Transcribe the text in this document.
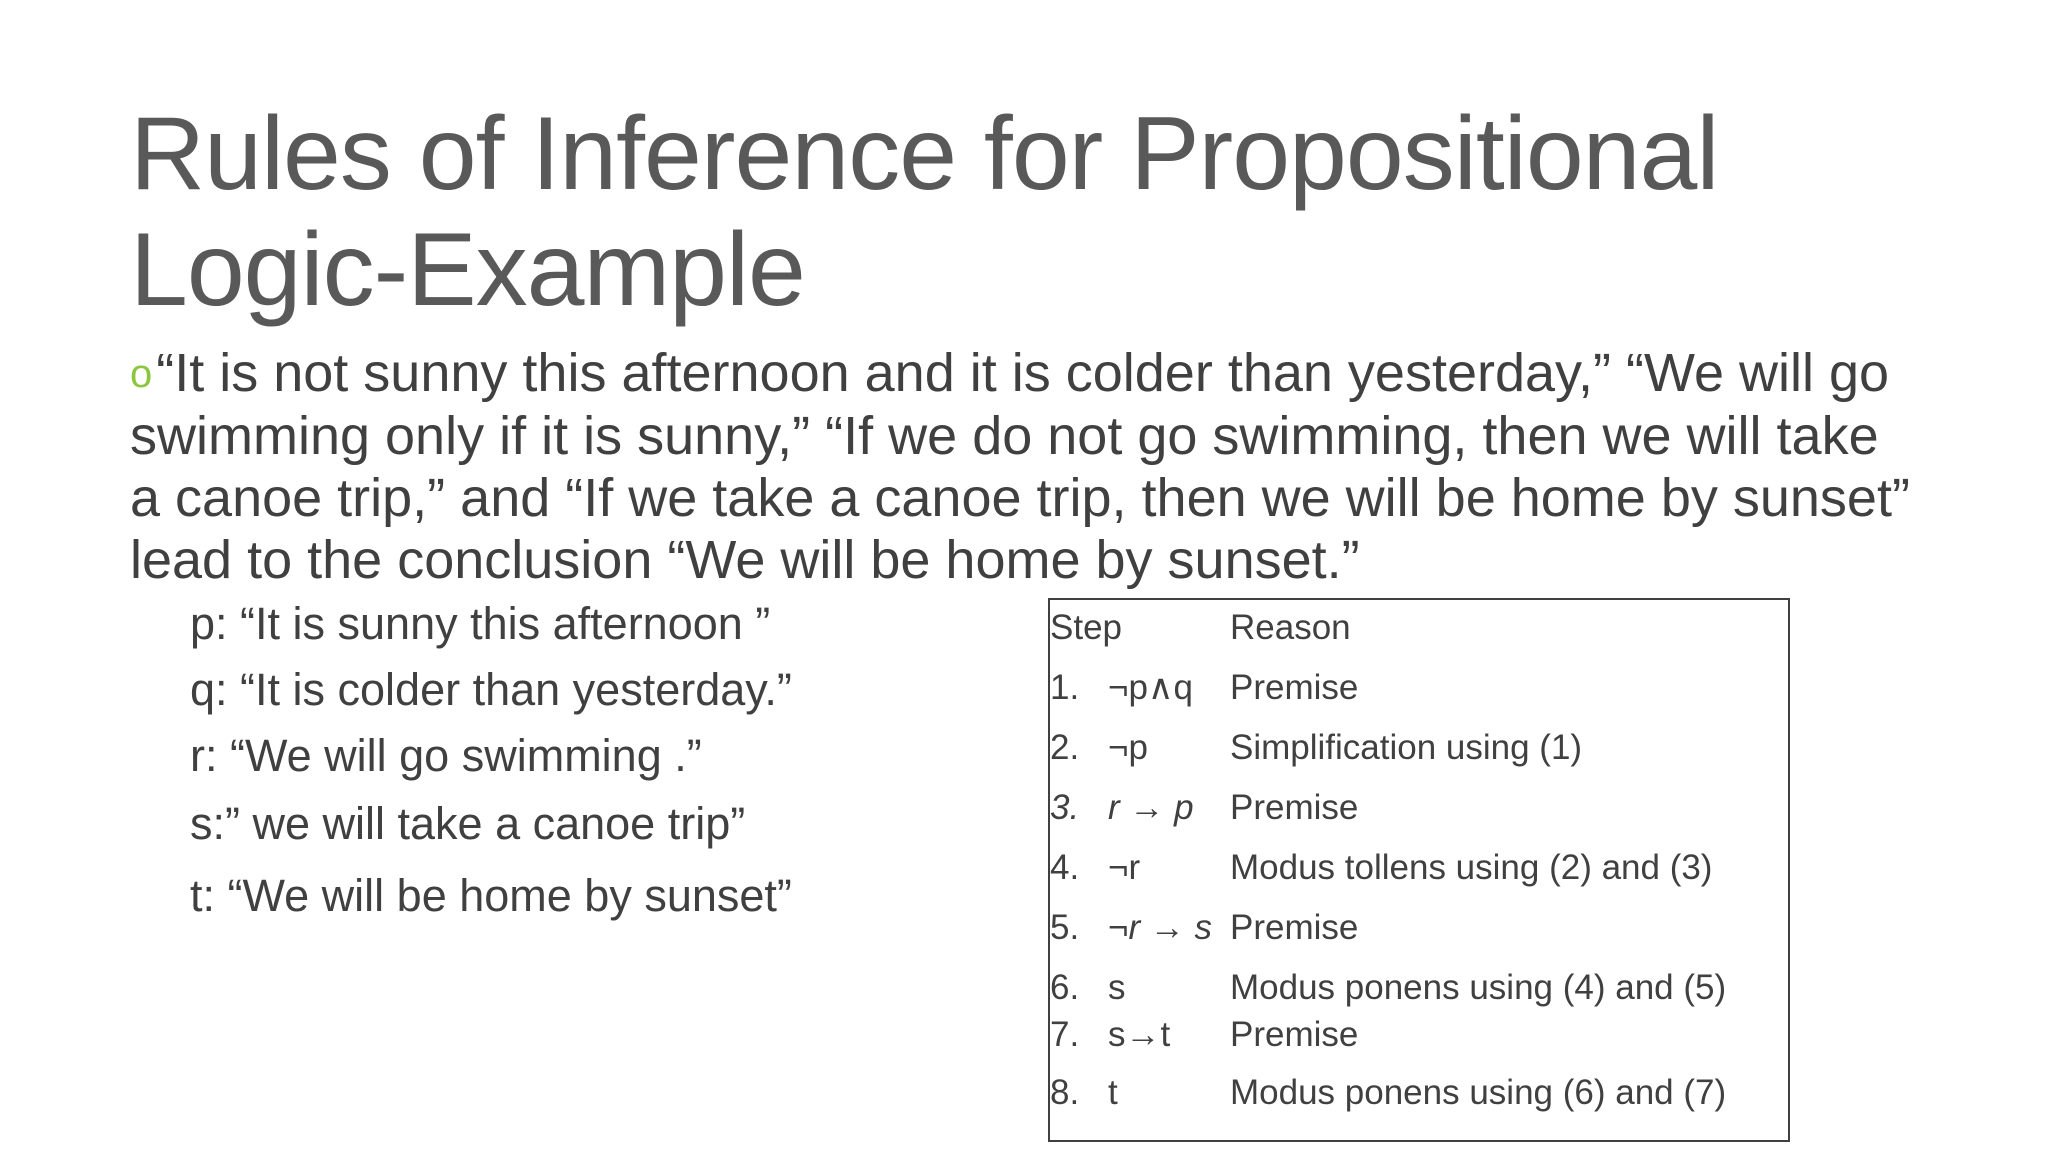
Rules of Inference for Propositional Logic-Example
o“It is not sunny this afternoon and it is colder than yesterday,” “We will go swimming only if it is sunny,” “If we do not go swimming, then we will take a canoe trip,” and “If we take a canoe trip, then we will be home by sunset” lead to the conclusion “We will be home by sunset.”
p: “It is sunny this afternoon ”
q: “It is colder than yesterday.”
r: “We will go swimming .”
s:” we will take a canoe trip”
t: “We will be home by sunset”
Step	Reason
1. ¬p∧q Premise
2. ¬p Simplification using (1)
3. r → p Premise
4. ¬r	Modus tollens using (2) and (3)
5. ¬r → s Premise
6. s	Modus ponens using (4) and (5)
7. s→t Premise
8. t	Modus ponens using (6) and (7)
